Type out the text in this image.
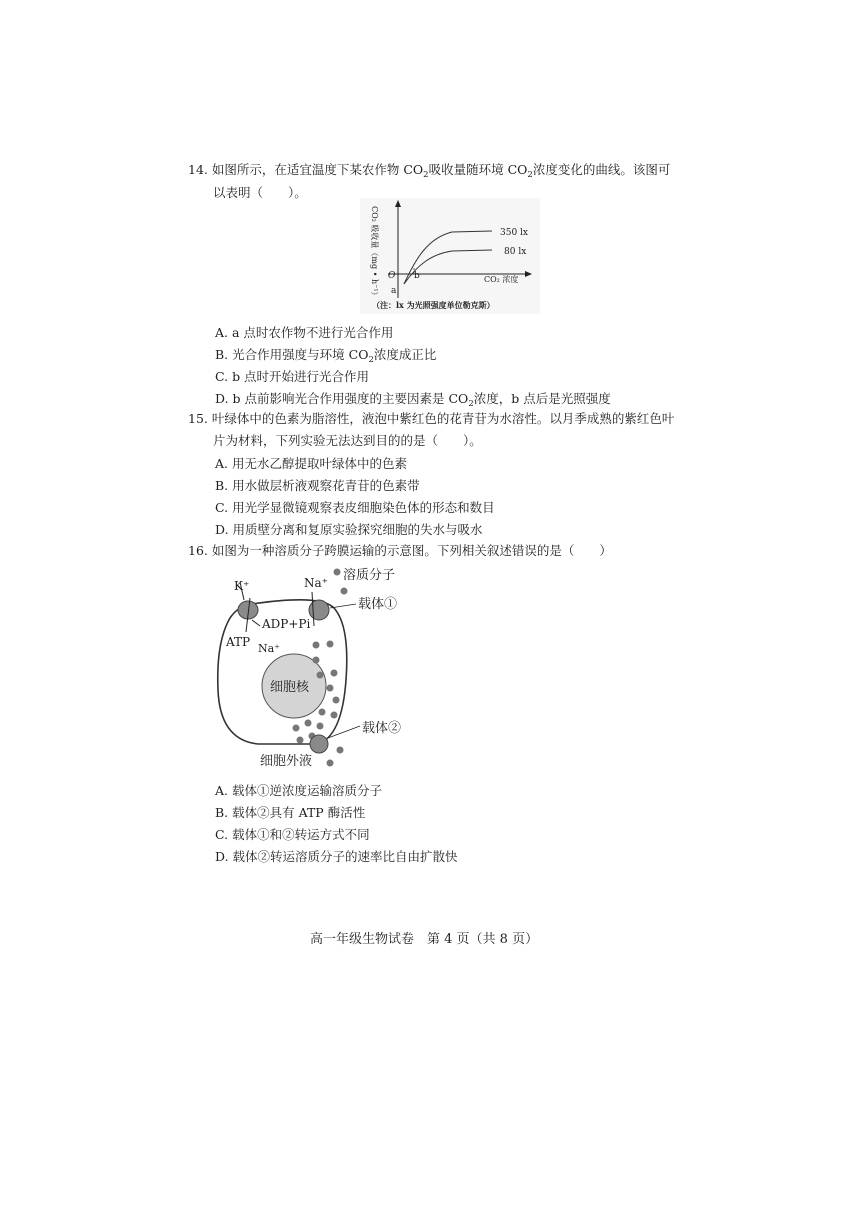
14. 如图所示，在适宜温度下某农作物 $CO_2$吸收量随环境 $CO_2$浓度变化的曲线。该图可
以表明（　　）。
350 lx
80 lx
O b
a
CO₂ 浓度
CO₂ 吸收量（mg • h⁻¹）
（注：lx 为光照强度单位勒克斯）
A. a 点时农作物不进行光合作用
B. 光合作用强度与环境 $CO_2$浓度成正比
C. b 点时开始进行光合作用
D. b 点前影响光合作用强度的主要因素是 $CO_2$浓度，b 点后是光照强度
15. 叶绿体中的色素为脂溶性，液泡中紫红色的花青苷为水溶性。以月季成熟的紫红色叶
片为材料，下列实验无法达到目的的是（　　）。
A. 用无水乙醇提取叶绿体中的色素
B. 用水做层析液观察花青苷的色素带
C. 用光学显微镜观察表皮细胞染色体的形态和数目
D. 用质壁分离和复原实验探究细胞的失水与吸水
16. 如图为一种溶质分子跨膜运输的示意图。下列相关叙述错误的是（　　）
细胞核
K⁺
ADP+Pi
ATP Na⁺
Na⁺ 溶质分子
载体①
载体②
细胞外液
A. 载体①逆浓度运输溶质分子
B. 载体②具有 ATP 酶活性
C. 载体①和②转运方式不同
D. 载体②转运溶质分子的速率比自由扩散快
高一年级生物试卷　第 4 页（共 8 页）
